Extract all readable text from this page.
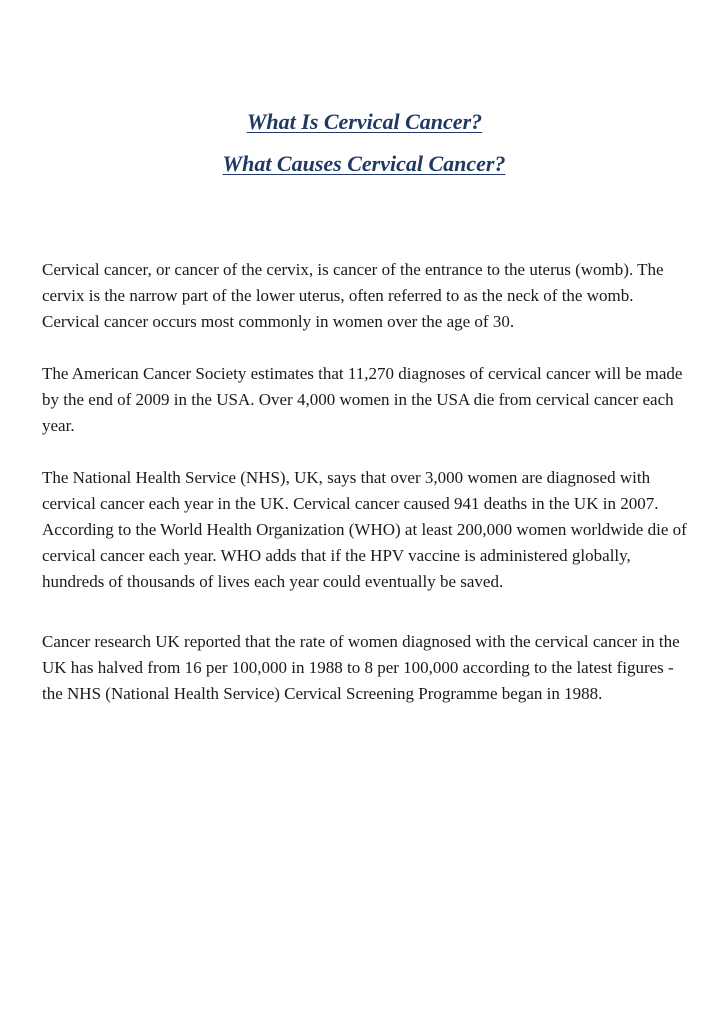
What Is Cervical Cancer?
What Causes Cervical Cancer?

Cervical cancer, or cancer of the cervix, is cancer of the entrance to the uterus (womb). The cervix is the narrow part of the lower uterus, often referred to as the neck of the womb. Cervical cancer occurs most commonly in women over the age of 30.

The American Cancer Society estimates that 11,270 diagnoses of cervical cancer will be made by the end of 2009 in the USA. Over 4,000 women in the USA die from cervical cancer each year.

The National Health Service (NHS), UK, says that over 3,000 women are diagnosed with cervical cancer each year in the UK. Cervical cancer caused 941 deaths in the UK in 2007. According to the World Health Organization (WHO) at least 200,000 women worldwide die of cervical cancer each year. WHO adds that if the HPV vaccine is administered globally, hundreds of thousands of lives each year could eventually be saved.

Cancer research UK reported that the rate of women diagnosed with the cervical cancer in the UK has halved from 16 per 100,000 in 1988 to 8 per 100,000 according to the latest figures - the NHS (National Health Service) Cervical Screening Programme began in 1988.
